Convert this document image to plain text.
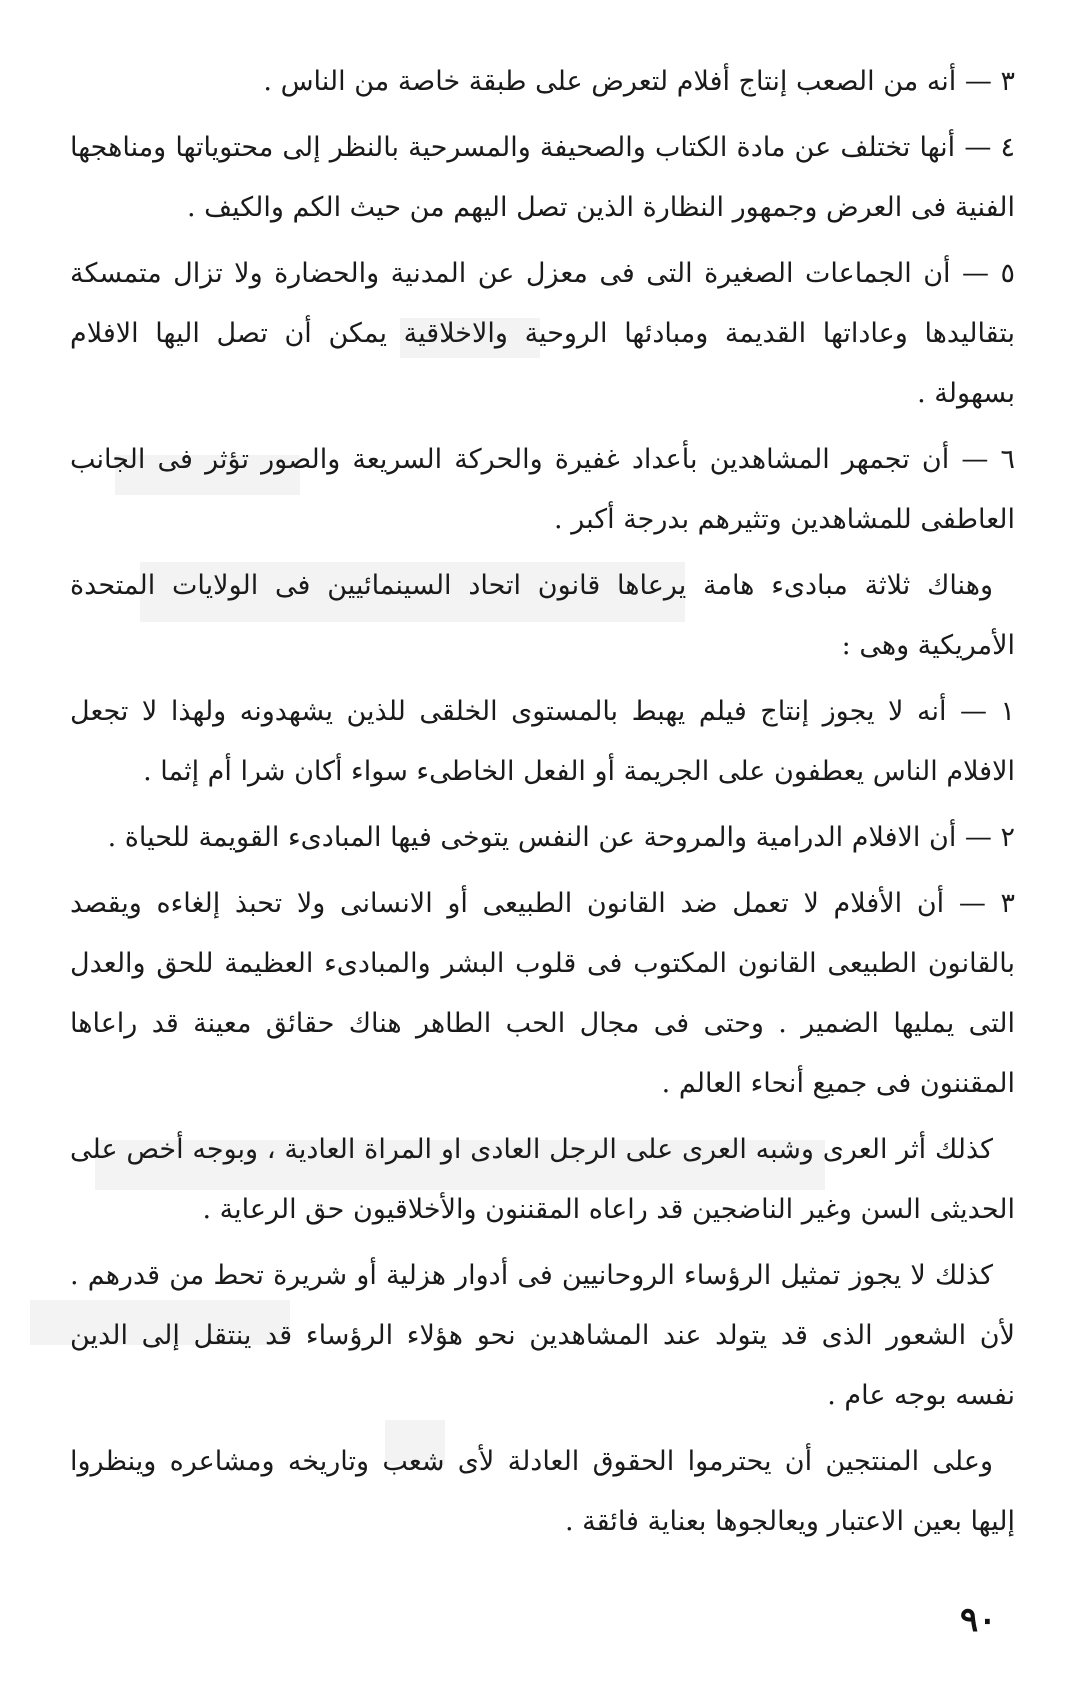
٣ — أنه من الصعب إنتاج أفلام لتعرض على طبقة خاصة من الناس .

٤ — أنها تختلف عن مادة الكتاب والصحيفة والمسرحية بالنظر إلى محتوياتها ومناهجها الفنية فى العرض وجمهور النظارة الذين تصل اليهم من حيث الكم والكيف .

٥ — أن الجماعات الصغيرة التى فى معزل عن المدنية والحضارة ولا تزال متمسكة بتقاليدها وعاداتها القديمة ومبادئها الروحية والاخلاقية يمكن أن تصل اليها الافلام بسهولة .

٦ — أن تجمهر المشاهدين بأعداد غفيرة والحركة السريعة والصور تؤثر فى الجانب العاطفى للمشاهدين وتثيرهم بدرجة أكبر .

وهناك ثلاثة مبادىء هامة يرعاها قانون اتحاد السينمائيين فى الولايات المتحدة الأمريكية وهى :

١ — أنه لا يجوز إنتاج فيلم يهبط بالمستوى الخلقى للذين يشهدونه ولهذا لا تجعل الافلام الناس يعطفون على الجريمة أو الفعل الخاطىء سواء أكان شرا أم إثما .

٢ — أن الافلام الدرامية والمروحة عن النفس يتوخى فيها المبادىء القويمة للحياة .

٣ — أن الأفلام لا تعمل ضد القانون الطبيعى أو الانسانى ولا تحبذ إلغاءه ويقصد بالقانون الطبيعى القانون المكتوب فى قلوب البشر والمبادىء العظيمة للحق والعدل التى يمليها الضمير . وحتى فى مجال الحب الطاهر هناك حقائق معينة قد راعاها المقننون فى جميع أنحاء العالم .

كذلك أثر العرى وشبه العرى على الرجل العادى او المراة العادية ، وبوجه أخص على الحديثى السن وغير الناضجين قد راعاه المقننون والأخلاقيون حق الرعاية .

كذلك لا يجوز تمثيل الرؤساء الروحانيين فى أدوار هزلية أو شريرة تحط من قدرهم . لأن الشعور الذى قد يتولد عند المشاهدين نحو هؤلاء الرؤساء قد ينتقل إلى الدين نفسه بوجه عام .

وعلى المنتجين أن يحترموا الحقوق العادلة لأى شعب وتاريخه ومشاعره وينظروا إليها بعين الاعتبار ويعالجوها بعناية فائقة .

٩٠
